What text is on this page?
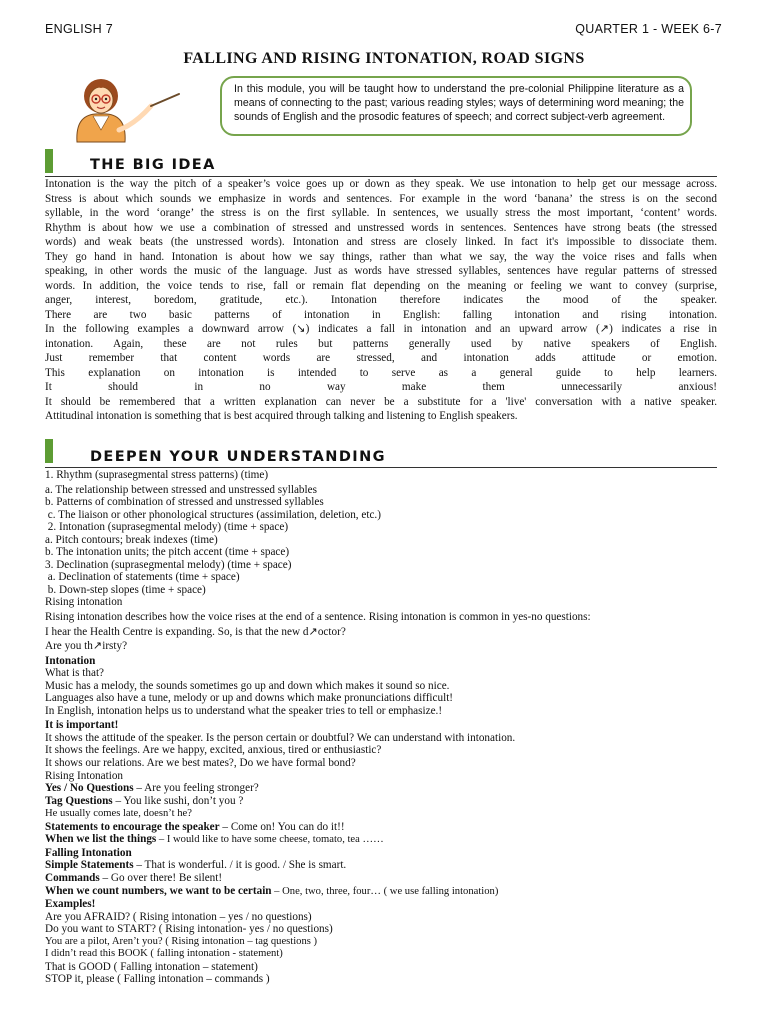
ENGLISH 7	QUARTER 1 - WEEK 6-7
FALLING AND RISING INTONATION, ROAD SIGNS
In this module, you will be taught how to understand the pre-colonial Philippine literature as a means of connecting to the past; various reading styles; ways of determining word meaning; the sounds of English and the prosodic features of speech; and correct subject-verb agreement.
THE BIG IDEA

Intonation is the way the pitch of a speaker’s voice goes up or down as they speak. We use intonation to help get our message across.

Stress is about which sounds we emphasize in words and sentences. For example in the word ‘banana’ the stress is on the second

syllable, in the word ‘orange’ the stress is on the first syllable. In sentences, we usually stress the most important, ‘content’ words.

Rhythm is about how we use a combination of stressed and unstressed words in sentences. Sentences have strong beats (the stressed

words) and weak beats (the unstressed words). Intonation and stress are closely linked. In fact it's impossible to dissociate them.

They go hand in hand. Intonation is about how we say things, rather than what we say, the way the voice rises and falls when

speaking, in other words the music of the language. Just as words have stressed syllables, sentences have regular patterns of stressed

words. In addition, the voice tends to rise, fall or remain flat depending on the meaning or feeling we want to convey (surprise,

anger, interest, boredom, gratitude, etc.). Intonation therefore indicates the mood of the speaker.

There are two basic patterns of intonation in English: falling intonation and rising intonation.

In the following examples a downward arrow (↘) indicates a fall in intonation and an upward arrow (↗) indicates a rise in

intonation. Again, these are not rules but patterns generally used by native speakers of English.

Just remember that content words are stressed, and intonation adds attitude or emotion.

This explanation on intonation is intended to serve as a general guide to help learners.

It should in no way make them unnecessarily anxious!

It should be remembered that a written explanation can never be a substitute for a 'live' conversation with a native speaker.

Attitudinal intonation is something that is best acquired through talking and listening to English speakers.

DEEPEN YOUR UNDERSTANDING
1. Rhythm (suprasegmental stress patterns) (time)
a. The relationship between stressed and unstressed syllables
b. Patterns of combination of stressed and unstressed syllables
c. The liaison or other phonological structures (assimilation, deletion, etc.)
2. Intonation (suprasegmental melody) (time + space)
a. Pitch contours; break indexes (time)
b. The intonation units; the pitch accent (time + space)
3. Declination (suprasegmental melody) (time + space)
a. Declination of statements (time + space)
b. Down-step slopes (time + space)
Rising intonation
Rising intonation describes how the voice rises at the end of a sentence. Rising intonation is common in yes-no questions:
I hear the Health Centre is expanding. So, is that the new d↗octor?
Are you th↗irsty?
Intonation
What is that?
Music has a melody, the sounds sometimes go up and down which makes it sound so nice.
Languages also have a tune, melody or up and downs which make pronunciations difficult!
In English, intonation helps us to understand what the speaker tries to tell or emphasize.!
It is important!
It shows the attitude of the speaker. Is the person certain or doubtful? We can understand with intonation.
It shows the feelings. Are we happy, excited, anxious, tired or enthusiastic?
It shows our relations. Are we best mates?, Do we have formal bond?
Rising Intonation
Yes / No Questions – Are you feeling stronger?
Tag Questions – You like sushi, don’t you ?
He usually comes late, doesn’t he?
Statements to encourage the speaker – Come on! You can do it!!
When we list the things – I would like to have some cheese, tomato, tea ……
Falling Intonation
Simple Statements – That is wonderful. / it is good. / She is smart.
Commands – Go over there! Be silent!
When we count numbers, we want to be certain – One, two, three, four… ( we use falling intonation)
Examples!
Are you AFRAID? ( Rising intonation – yes / no questions)
Do you want to START? ( Rising intonation- yes / no questions)
You are a pilot, Aren’t you? ( Rising intonation – tag questions )
I didn’t read this BOOK ( falling intonation - statement)
That is GOOD ( Falling intonation – statement)
STOP it, please ( Falling intonation – commands )
